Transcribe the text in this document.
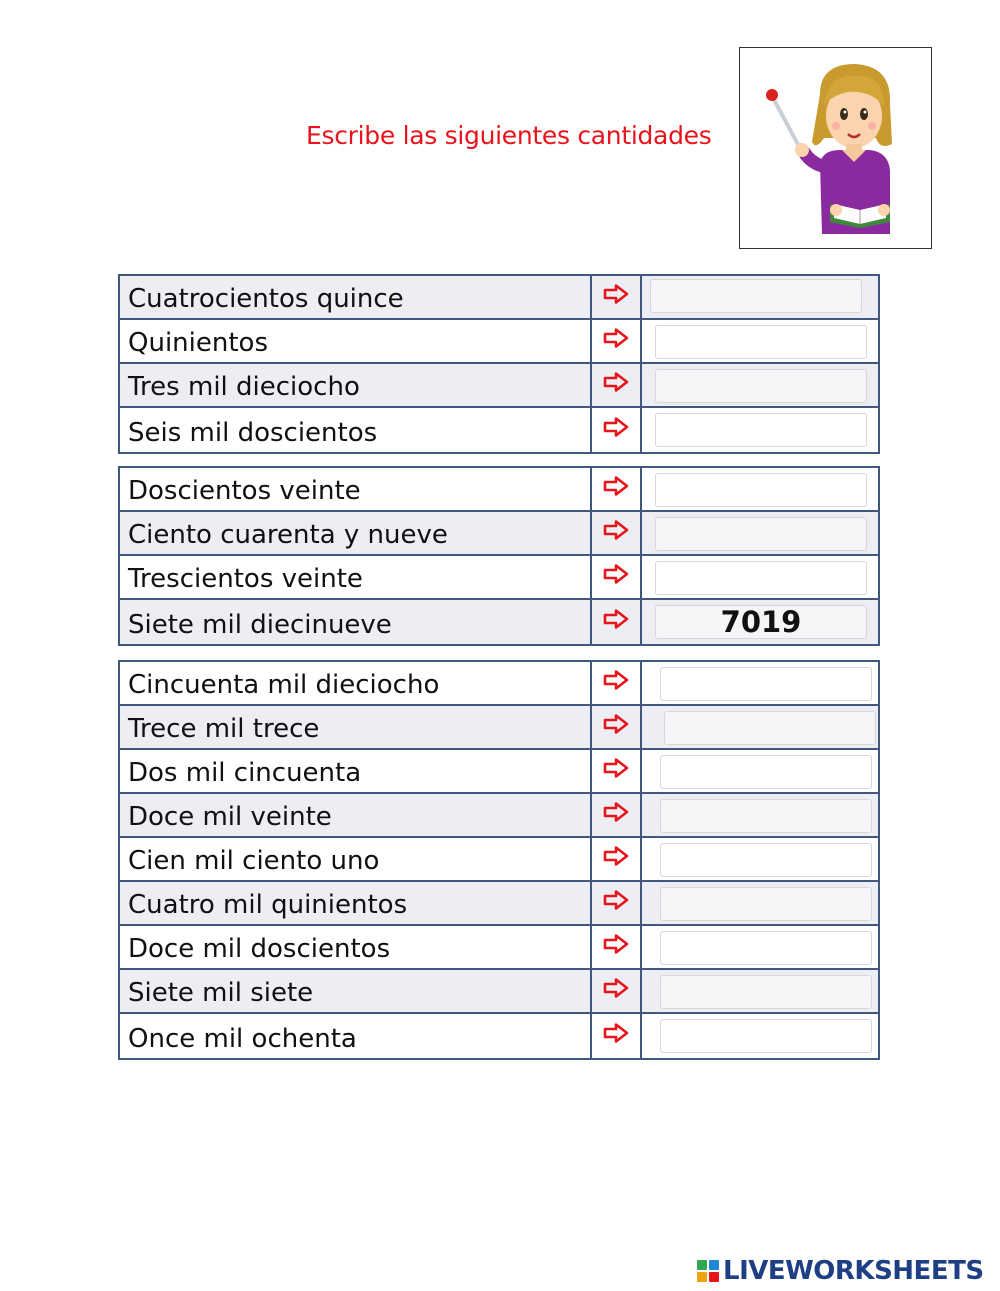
Escribe las siguientes cantidades
Cuatrocientos quince
Quinientos
Tres mil dieciocho
Seis mil doscientos
Doscientos veinte
Ciento cuarenta y nueve
Trescientos veinte
Siete mil diecinueve
7019
Cincuenta mil dieciocho
Trece mil trece
Dos mil cincuenta
Doce mil veinte
Cien mil ciento uno
Cuatro mil quinientos
Doce mil doscientos
Siete mil siete
Once mil ochenta
LIVEWORKSHEETS
